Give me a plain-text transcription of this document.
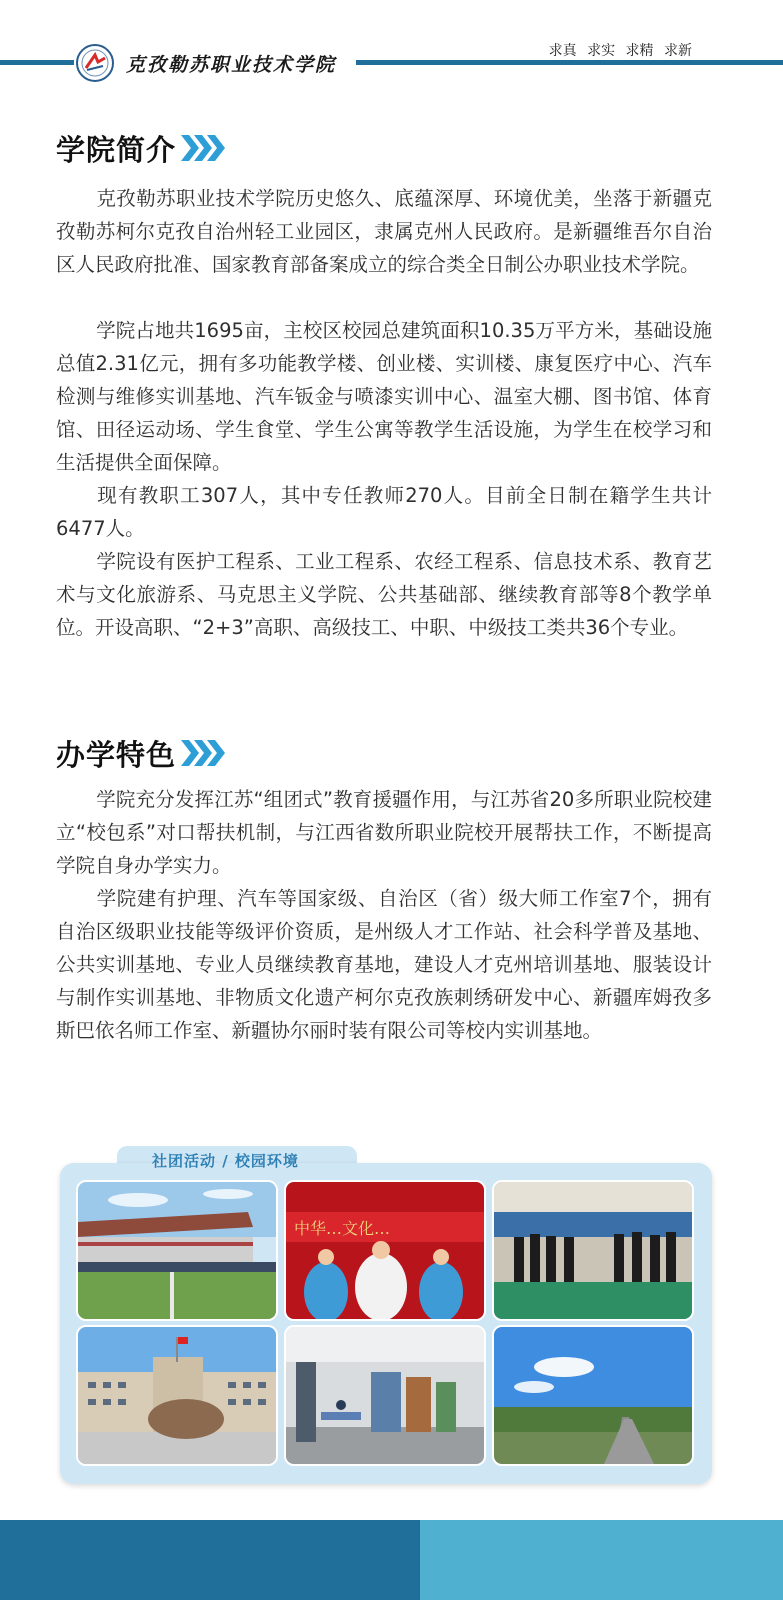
克孜勒苏职业技术学院
求真 求实 求精 求新
学院简介

克孜勒苏职业技术学院历史悠久、底蕴深厚、环境优美，坐落于新疆克孜勒苏柯尔克孜自治州轻工业园区，隶属克州人民政府。是新疆维吾尔自治区人民政府批准、国家教育部备案成立的综合类全日制公办职业技术学院。

学院占地共1695亩，主校区校园总建筑面积10.35万平方米，基础设施总值2.31亿元，拥有多功能教学楼、创业楼、实训楼、康复医疗中心、汽车检测与维修实训基地、汽车钣金与喷漆实训中心、温室大棚、图书馆、体育馆、田径运动场、学生食堂、学生公寓等教学生活设施，为学生在校学习和生活提供全面保障。

现有教职工307人，其中专任教师270人。目前全日制在籍学生共计6477人。

学院设有医护工程系、工业工程系、农经工程系、信息技术系、教育艺术与文化旅游系、马克思主义学院、公共基础部、继续教育部等8个教学单位。开设高职、“2+3”高职、高级技工、中职、中级技工类共36个专业。

办学特色

学院充分发挥江苏“组团式”教育援疆作用，与江苏省20多所职业院校建立“校包系”对口帮扶机制，与江西省数所职业院校开展帮扶工作，不断提高学院自身办学实力。

学院建有护理、汽车等国家级、自治区（省）级大师工作室7个，拥有自治区级职业技能等级评价资质，是州级人才工作站、社会科学普及基地、公共实训基地、专业人员继续教育基地，建设人才克州培训基地、服装设计与制作实训基地、非物质文化遗产柯尔克孜族刺绣研发中心、新疆库姆孜多斯巴依名师工作室、新疆协尔丽时装有限公司等校内实训基地。

社团活动 / 校园环境
中华…文化…
